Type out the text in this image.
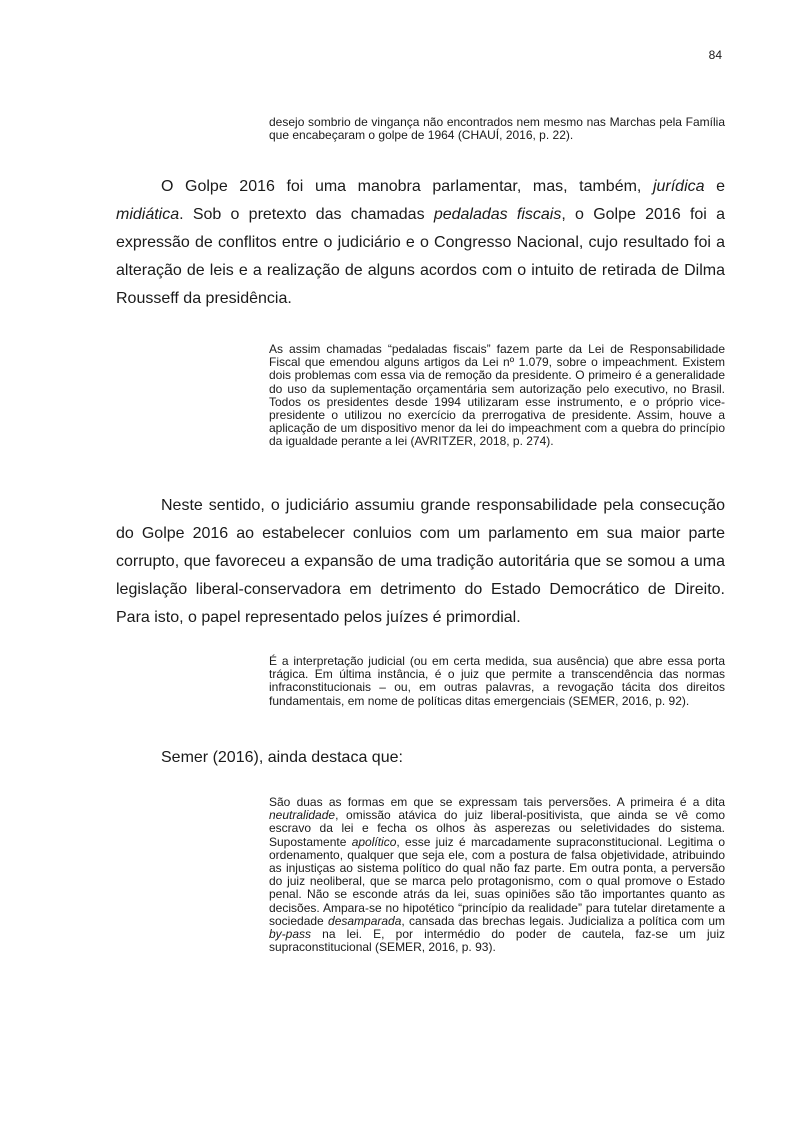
84
desejo sombrio de vingança não encontrados nem mesmo nas Marchas pela Família que encabeçaram o golpe de 1964 (CHAUÍ, 2016, p. 22).

O Golpe 2016 foi uma manobra parlamentar, mas, também, jurídica e midiática. Sob o pretexto das chamadas pedaladas fiscais, o Golpe 2016 foi a expressão de conflitos entre o judiciário e o Congresso Nacional, cujo resultado foi a alteração de leis e a realização de alguns acordos com o intuito de retirada de Dilma Rousseff da presidência.

As assim chamadas “pedaladas fiscais” fazem parte da Lei de Responsabilidade Fiscal que emendou alguns artigos da Lei nº 1.079, sobre o impeachment. Existem dois problemas com essa via de remoção da presidente. O primeiro é a generalidade do uso da suplementação orçamentária sem autorização pelo executivo, no Brasil. Todos os presidentes desde 1994 utilizaram esse instrumento, e o próprio vice-presidente o utilizou no exercício da prerrogativa de presidente. Assim, houve a aplicação de um dispositivo menor da lei do impeachment com a quebra do princípio da igualdade perante a lei (AVRITZER, 2018, p. 274).

Neste sentido, o judiciário assumiu grande responsabilidade pela consecução do Golpe 2016 ao estabelecer conluios com um parlamento em sua maior parte corrupto, que favoreceu a expansão de uma tradição autoritária que se somou a uma legislação liberal-conservadora em detrimento do Estado Democrático de Direito. Para isto, o papel representado pelos juízes é primordial.

É a interpretação judicial (ou em certa medida, sua ausência) que abre essa porta trágica. Em última instância, é o juiz que permite a transcendência das normas infraconstitucionais – ou, em outras palavras, a revogação tácita dos direitos fundamentais, em nome de políticas ditas emergenciais (SEMER, 2016, p. 92).

Semer (2016), ainda destaca que:

São duas as formas em que se expressam tais perversões. A primeira é a dita neutralidade, omissão atávica do juiz liberal-positivista, que ainda se vê como escravo da lei e fecha os olhos às asperezas ou seletividades do sistema. Supostamente apolítico, esse juiz é marcadamente supraconstitucional. Legitima o ordenamento, qualquer que seja ele, com a postura de falsa objetividade, atribuindo as injustiças ao sistema político do qual não faz parte. Em outra ponta, a perversão do juiz neoliberal, que se marca pelo protagonismo, com o qual promove o Estado penal. Não se esconde atrás da lei, suas opiniões são tão importantes quanto as decisões. Ampara-se no hipotético “princípio da realidade” para tutelar diretamente a sociedade desamparada, cansada das brechas legais. Judicializa a política com um by-pass na lei. E, por intermédio do poder de cautela, faz-se um juiz supraconstitucional (SEMER, 2016, p. 93).
